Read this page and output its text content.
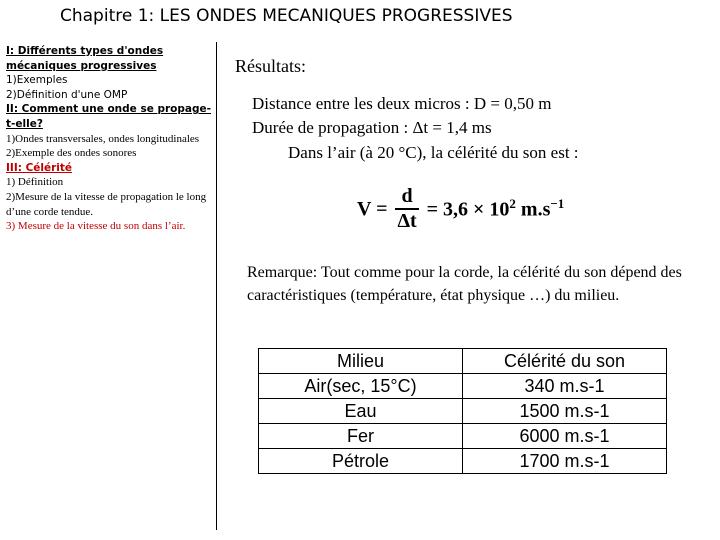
Chapitre 1: LES ONDES MECANIQUES PROGRESSIVES
I: Différents types d'ondes mécaniques progressives
1)Exemples
2)Définition d'une OMP
II: Comment une onde se propage-t-elle?
1)Ondes transversales, ondes longitudinales
2)Exemple des ondes sonores
III: Célérité
1) Définition
2)Mesure de la vitesse de propagation le long d’une corde tendue.
3) Mesure de la vitesse du son dans l’air.
Résultats:
Distance entre les deux micros : D = 0,50 m
Durée de propagation : Δt = 1,4 ms
Dans l’air (à 20 °C), la célérité du son est :
$V = \frac{d}{\Delta t} = 3,6 \times 10^2$ $m.s^{-1}$
Remarque: Tout comme pour la corde, la célérité du son dépend des caractéristiques (température, état physique …) du milieu.
Milieu	Célérité du son
Air(sec, 15°C)	340 m.s-1
Eau	1500 m.s-1
Fer	6000 m.s-1
Pétrole	1700 m.s-1
